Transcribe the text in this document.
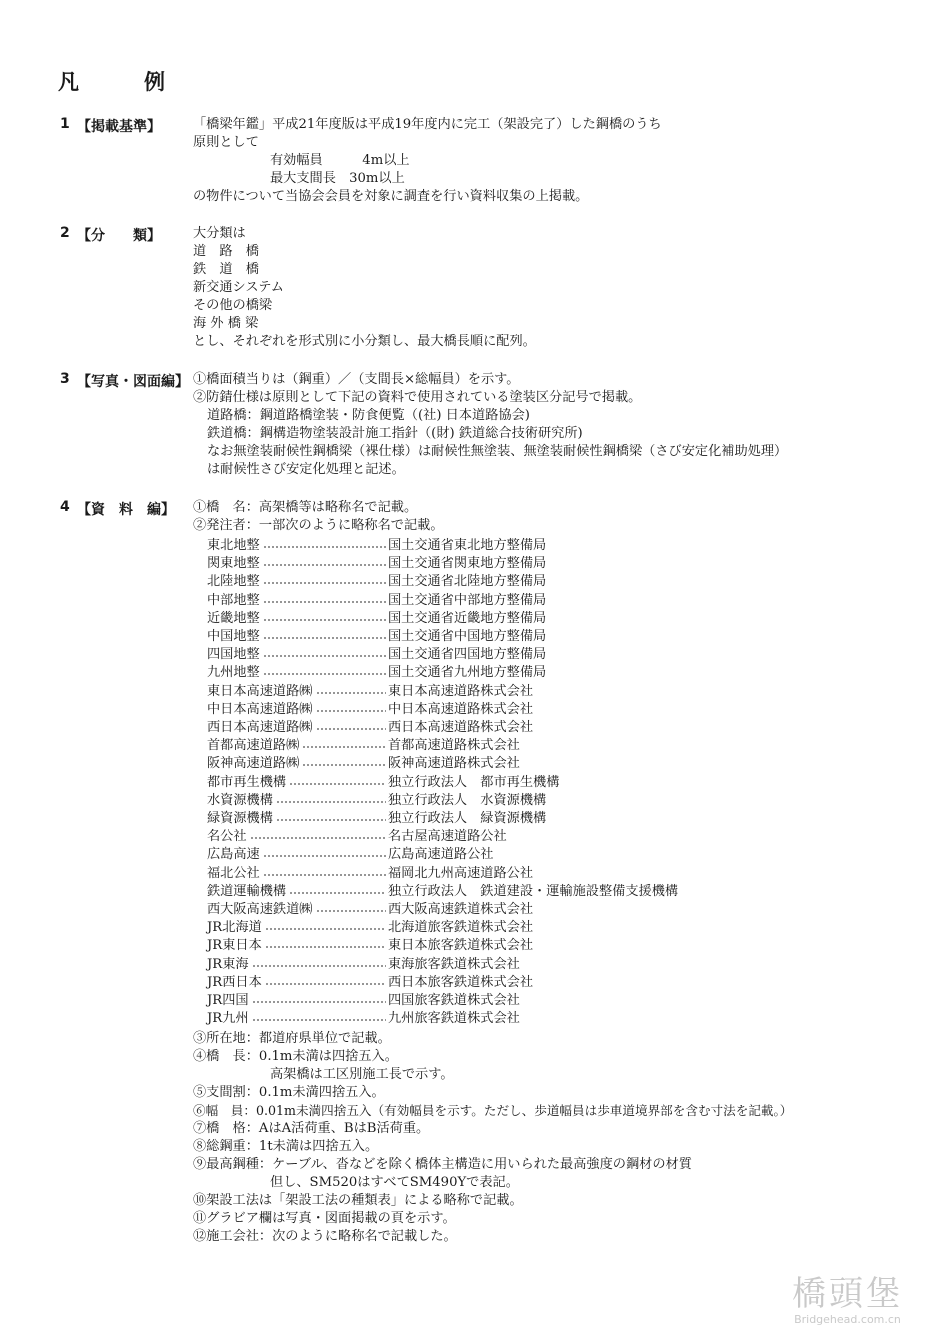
凡　例
1 【掲載基準】 「橋梁年鑑」平成21年度版は平成19年度内に完工（架設完了）した鋼橋のうち
原則として
有効幅員　　　4m以上
最大支間長　30m以上
の物件について当協会会員を対象に調査を行い資料収集の上掲載。
2 【分　　類】 大分類は
道　路　橋
鉄　道　橋
新交通システム
その他の橋梁
海 外 橋 梁
とし、それぞれを形式別に小分類し、最大橋長順に配列。
3 【写真・図面編】 ①橋面積当りは（鋼重）／（支間長×総幅員）を示す。
②防錆仕様は原則として下記の資料で使用されている塗装区分記号で掲載。
道路橋：鋼道路橋塗装・防食便覧（(社) 日本道路協会)
鉄道橋：鋼構造物塗装設計施工指針（(財) 鉄道総合技術研究所)
なお無塗装耐候性鋼橋梁（裸仕様）は耐候性無塗装、無塗装耐候性鋼橋梁（さび安定化補助処理）
は耐候性さび安定化処理と記述。
4 【資　料　編】 ①橋　名：高架橋等は略称名で記載。
②発注者：一部次のように略称名で記載。
東北地整	国土交通省東北地方整備局
関東地整	国土交通省関東地方整備局
北陸地整	国土交通省北陸地方整備局
中部地整	国土交通省中部地方整備局
近畿地整	国土交通省近畿地方整備局
中国地整	国土交通省中国地方整備局
四国地整	国土交通省四国地方整備局
九州地整	国土交通省九州地方整備局
東日本高速道路㈱	東日本高速道路株式会社
中日本高速道路㈱	中日本高速道路株式会社
西日本高速道路㈱	西日本高速道路株式会社
首都高速道路㈱	首都高速道路株式会社
阪神高速道路㈱	阪神高速道路株式会社
都市再生機構	独立行政法人　都市再生機構
水資源機構	独立行政法人　水資源機構
緑資源機構	独立行政法人　緑資源機構
名公社	名古屋高速道路公社
広島高速	広島高速道路公社
福北公社	福岡北九州高速道路公社
鉄道運輸機構	独立行政法人　鉄道建設・運輸施設整備支援機構
西大阪高速鉄道㈱	西大阪高速鉄道株式会社
JR北海道	北海道旅客鉄道株式会社
JR東日本	東日本旅客鉄道株式会社
JR東海	東海旅客鉄道株式会社
JR西日本	西日本旅客鉄道株式会社
JR四国	四国旅客鉄道株式会社
JR九州	九州旅客鉄道株式会社
③所在地：都道府県単位で記載。
④橋　長：0.1m未満は四捨五入。
高架橋は工区別施工長で示す。
⑤支間割：0.1m未満四捨五入。
⑥幅　員：0.01m未満四捨五入（有効幅員を示す。ただし、歩道幅員は歩車道境界部を含む寸法を記載。）
⑦橋　格：AはA活荷重、BはB活荷重。
⑧総鋼重：1t未満は四捨五入。
⑨最高鋼種：ケーブル、沓などを除く橋体主構造に用いられた最高強度の鋼材の材質
但し、SM520はすべてSM490Yで表記。
⑩架設工法は「架設工法の種類表」による略称で記載。
⑪グラビア欄は写真・図面掲載の頁を示す。
⑫施工会社：次のように略称名で記載した。
橋頭堡
Bridgehead.com.cn
